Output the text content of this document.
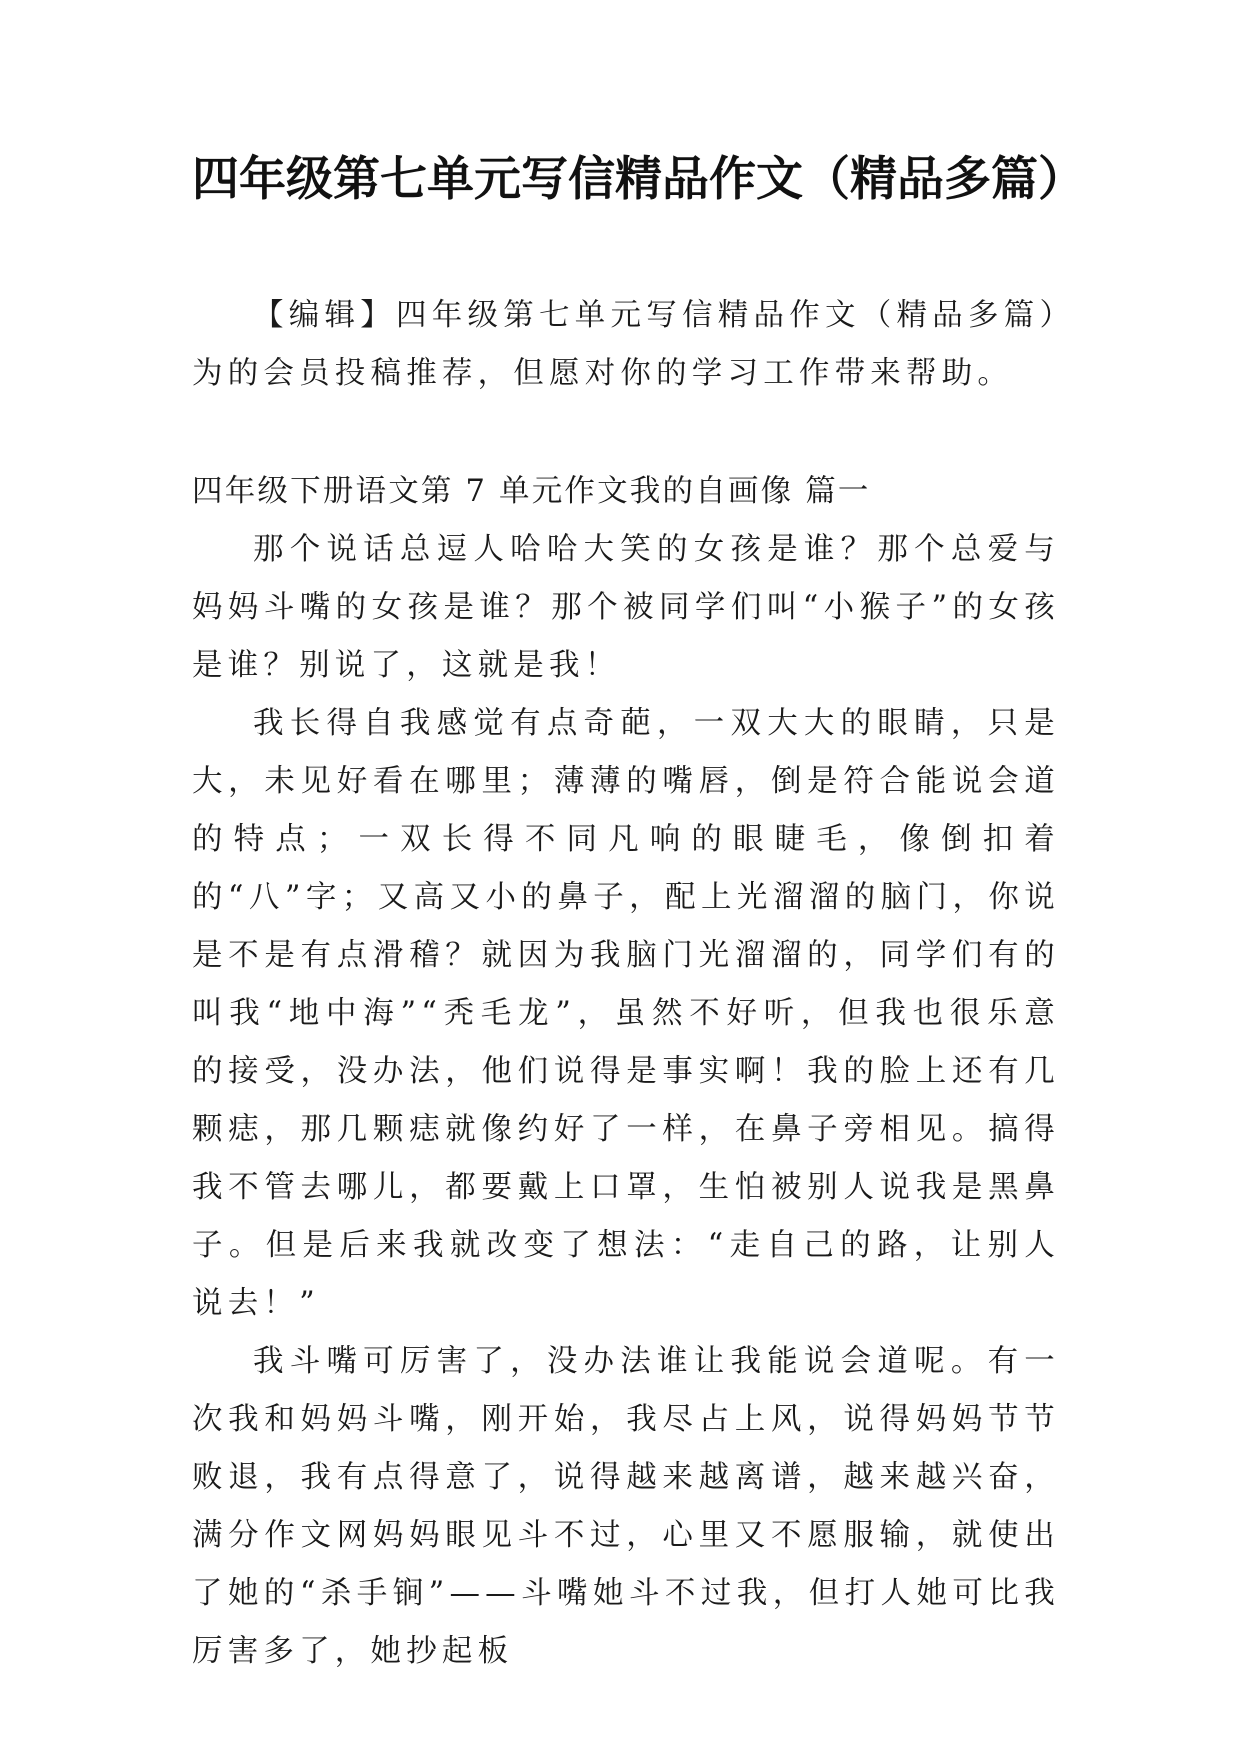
四年级第七单元写信精品作文（精品多篇）

【编辑】四年级第七单元写信精品作文（精品多篇）为的会员投稿推荐，但愿对你的学习工作带来帮助。

四年级下册语文第 7 单元作文我的自画像 篇一

那个说话总逗人哈哈大笑的女孩是谁？那个总爱与妈妈斗嘴的女孩是谁？那个被同学们叫“小猴子”的女孩是谁？别说了，这就是我！

我长得自我感觉有点奇葩，一双大大的眼睛，只是大，未见好看在哪里；薄薄的嘴唇，倒是符合能说会道的特点；一双长得不同凡响的眼睫毛，像倒扣着的“八”字；又高又小的鼻子，配上光溜溜的脑门，你说是不是有点滑稽？就因为我脑门光溜溜的，同学们有的叫我“地中海”“秃毛龙”，虽然不好听，但我也很乐意的接受，没办法，他们说得是事实啊！我的脸上还有几颗痣，那几颗痣就像约好了一样，在鼻子旁相见。搞得我不管去哪儿，都要戴上口罩，生怕被别人说我是黑鼻子。但是后来我就改变了想法：“走自己的路，让别人说去！”

我斗嘴可厉害了，没办法谁让我能说会道呢。有一次我和妈妈斗嘴，刚开始，我尽占上风，说得妈妈节节败退，我有点得意了，说得越来越离谱，越来越兴奋，满分作文网妈妈眼见斗不过，心里又不愿服输，就使出了她的“杀手锏”——斗嘴她斗不过我，但打人她可比我厉害多了，她抄起板
